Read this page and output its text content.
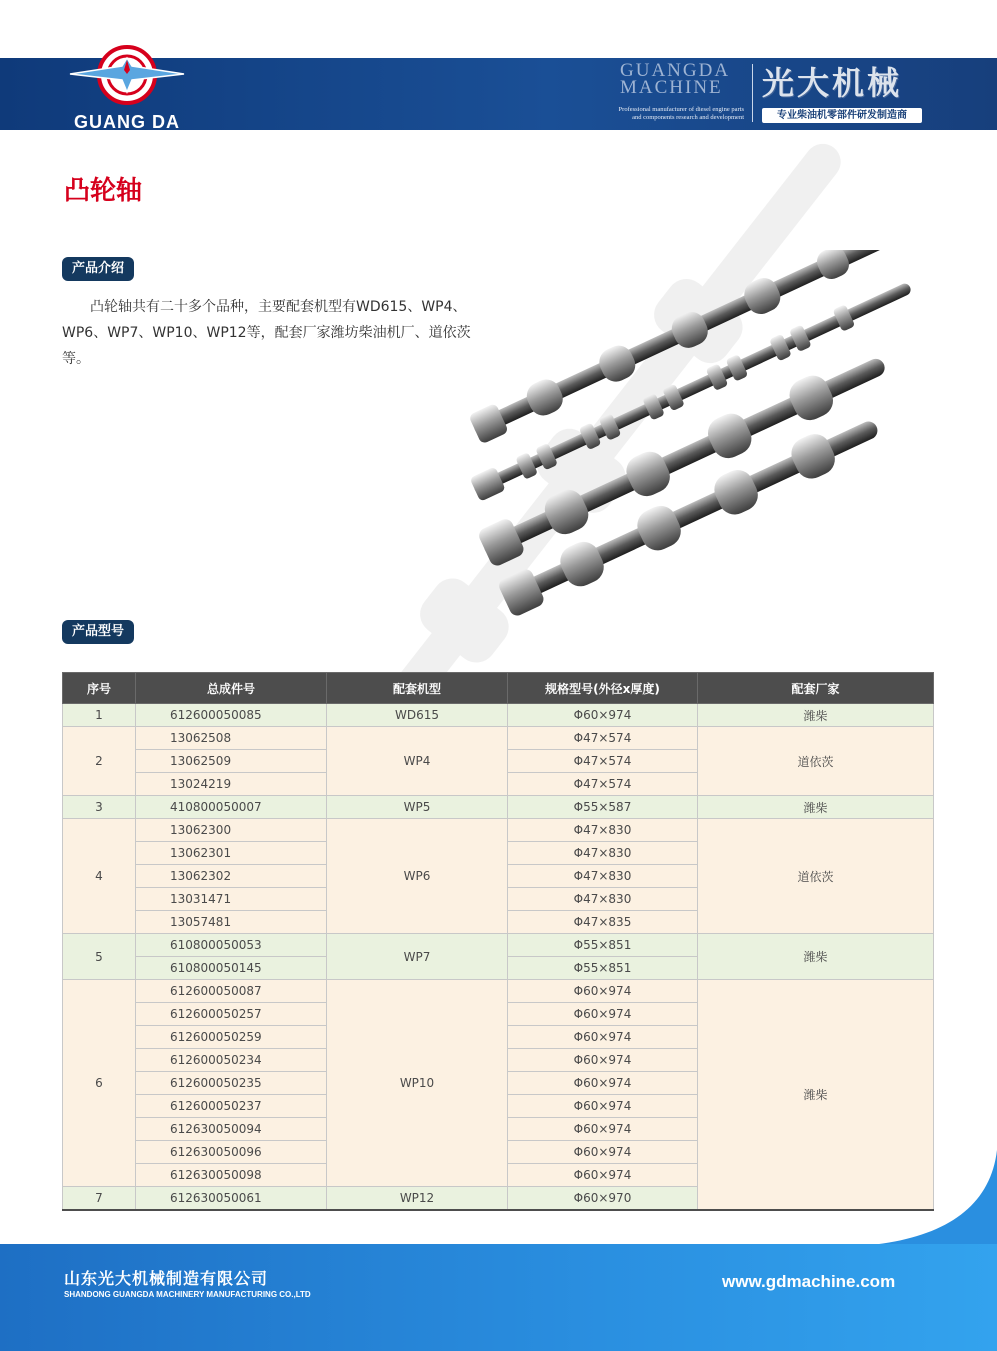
GUANG DA
GUANGDA
MACHINE
Professional manufacturer of diesel engine parts
and components research and development
光大机械
专业柴油机零部件研发制造商
凸轮轴
产品介绍
凸轮轴共有二十多个品种，主要配套机型有WD615、WP4、WP6、WP7、WP10、WP12等，配套厂家潍坊柴油机厂、道依茨等。
产品型号
序号	总成件号	配套机型	规格型号(外径x厚度)	配套厂家
1	612600050085	WD615	Φ60×974	潍柴
2	13062508	WP4	Φ47×574	道依茨
	13062509		Φ47×574	
	13024219		Φ47×574	
3	410800050007	WP5	Φ55×587	潍柴
4	13062300	WP6	Φ47×830	道依茨
	13062301		Φ47×830	
	13062302		Φ47×830	
	13031471		Φ47×830	
	13057481		Φ47×835	
5	610800050053	WP7	Φ55×851	潍柴
	610800050145		Φ55×851	
6	612600050087	WP10	Φ60×974	潍柴
	612600050257		Φ60×974	
	612600050259		Φ60×974	
	612600050234		Φ60×974	
	612600050235		Φ60×974	
	612600050237		Φ60×974	
	612630050094		Φ60×974	
	612630050096		Φ60×974	
	612630050098		Φ60×974	
7	612630050061	WP12	Φ60×970	
山东光大机械制造有限公司
SHANDONG GUANGDA MACHINERY MANUFACTURING CO.,LTD
www.gdmachine.com
